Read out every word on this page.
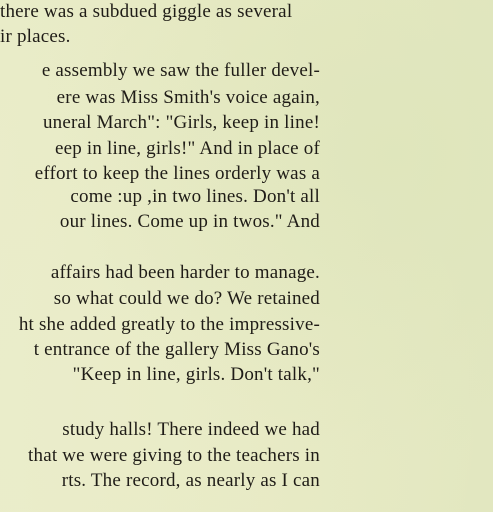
there was a subdued giggle as several
ir places.
e assembly we saw the fuller devel-
ere was Miss Smith's voice again,
uneral March": "Girls, keep in line!
eep in line, girls!" And in place of
effort to keep the lines orderly was a
come :up ,in two lines. Don't all
our lines. Come up in twos." And
affairs had been harder to manage.
so what could we do? We retained
ht she added greatly to the impressive-
t entrance of the gallery Miss Gano's
"Keep in line, girls. Don't talk,"
study halls! There indeed we had
that we were giving to the teachers in
rts. The record, as nearly as I can
